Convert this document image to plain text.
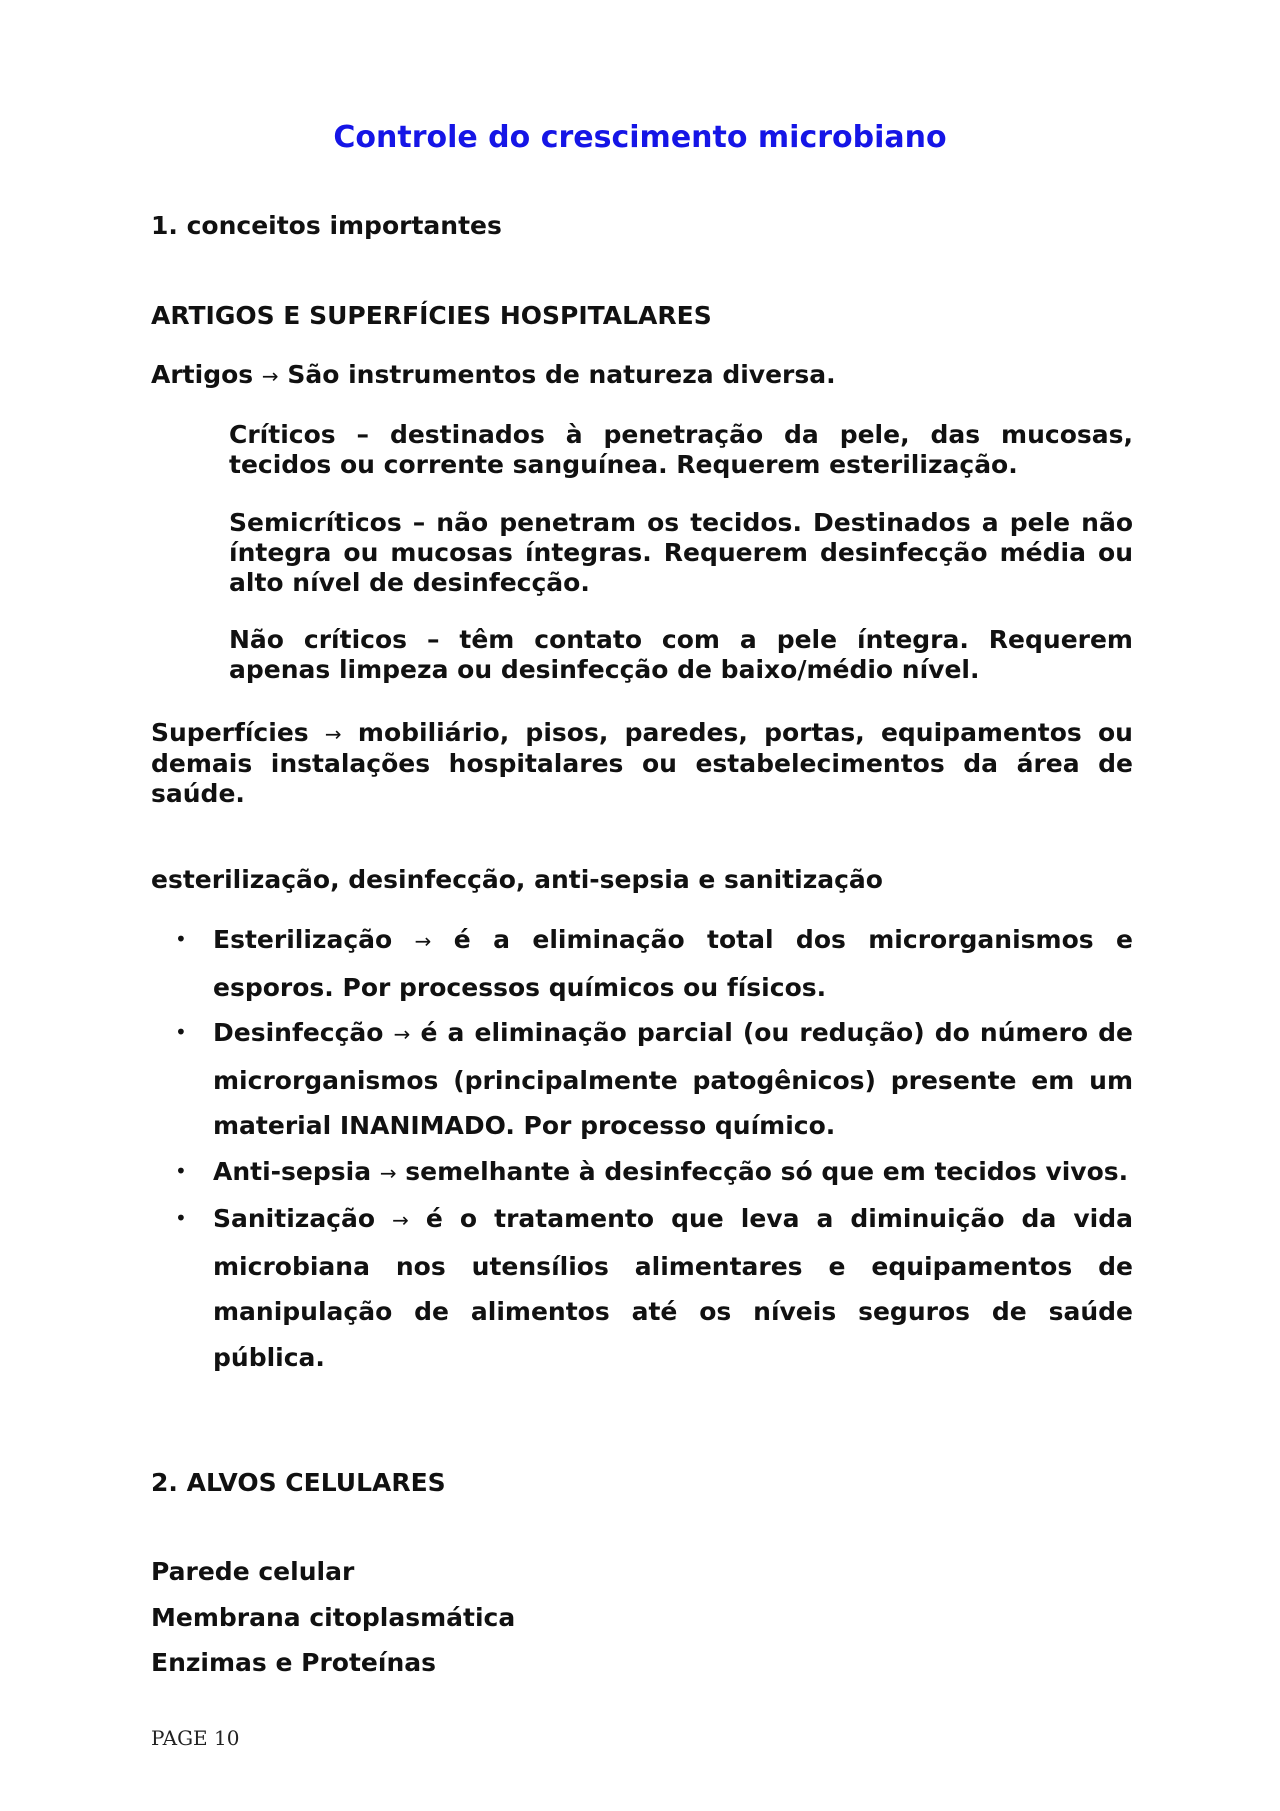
Controle do crescimento microbiano
1. conceitos importantes
ARTIGOS E SUPERFÍCIES HOSPITALARES
Artigos → São instrumentos de natureza diversa.
Críticos – destinados à penetração da pele, das mucosas, tecidos ou corrente sanguínea. Requerem esterilização.
Semicríticos – não penetram os tecidos. Destinados a pele não íntegra ou mucosas íntegras. Requerem desinfecção média ou alto nível de desinfecção.
Não críticos – têm contato com a pele íntegra. Requerem apenas limpeza ou desinfecção de baixo/médio nível.
Superfícies → mobiliário, pisos, paredes, portas, equipamentos ou demais instalações hospitalares ou estabelecimentos da área de saúde.
esterilização, desinfecção, anti-sepsia e sanitização
• Esterilização → é a eliminação total dos microrganismos e esporos. Por processos químicos ou físicos.
• Desinfecção → é a eliminação parcial (ou redução) do número de microrganismos (principalmente patogênicos) presente em um material INANIMADO. Por processo químico.
• Anti-sepsia → semelhante à desinfecção só que em tecidos vivos.
• Sanitização → é o tratamento que leva a diminuição da vida microbiana nos utensílios alimentares e equipamentos de manipulação de alimentos até os níveis seguros de saúde pública.
2. ALVOS CELULARES
Parede celular
Membrana citoplasmática
Enzimas e Proteínas
PAGE 10
